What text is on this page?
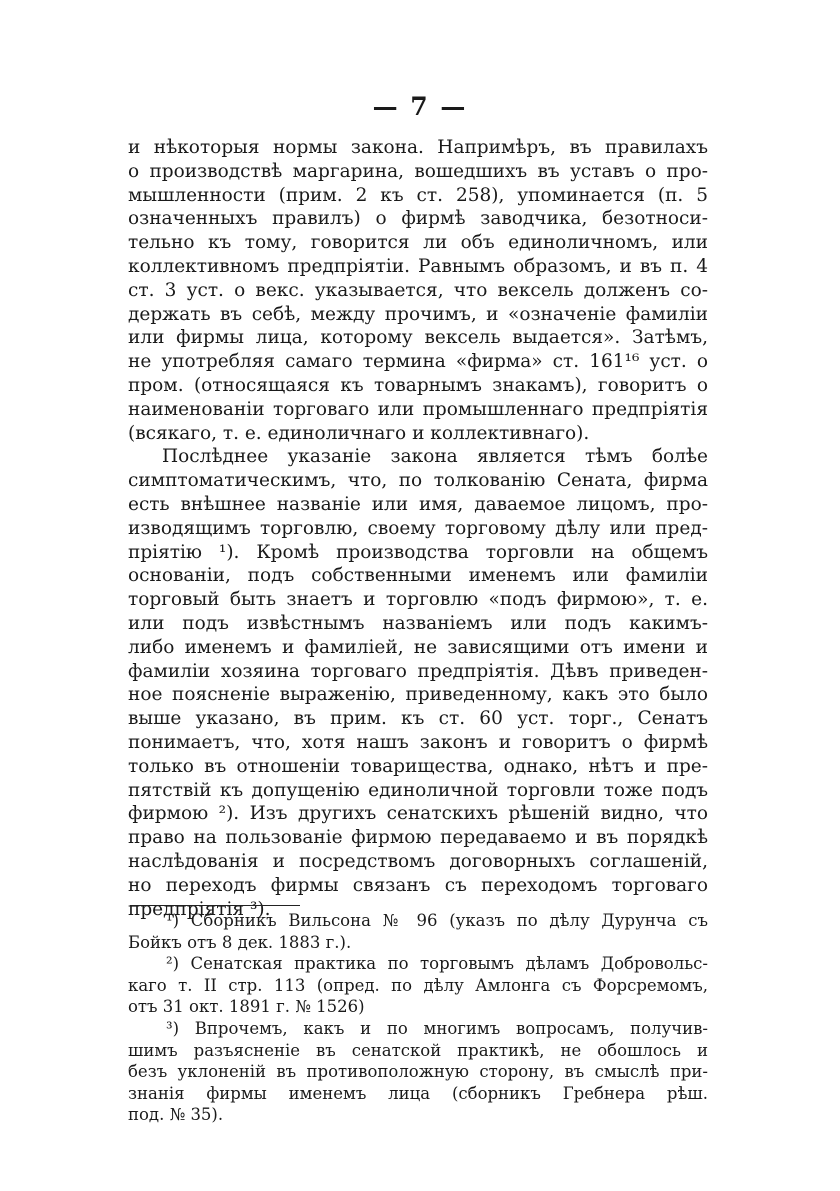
— 7 —
и нѣкоторыя нормы закона. Напримѣръ, въ правилахъ
о производствѣ маргарина, вошедшихъ въ уставъ о про-
мышленности (прим. 2 къ ст. 258), упоминается (п. 5
означенныхъ правилъ) о фирмѣ заводчика, безотноси-
тельно къ тому, говорится ли объ единоличномъ, или
коллективномъ предпріятіи. Равнымъ образомъ, и въ п. 4
ст. 3 уст. о векс. указывается, что вексель долженъ со-
держать въ себѣ, между прочимъ, и «означеніе фамиліи
или фирмы лица, которому вексель выдается». Затѣмъ,
не употребляя самаго термина «фирма» ст. 161¹⁶ уст. о
пром. (относящаяся къ товарнымъ знакамъ), говоритъ о
наименованіи торговаго или промышленнаго предпріятія
(всякаго, т. е. единоличнаго и коллективнаго).
Послѣднее указаніе закона является тѣмъ болѣе
симптоматическимъ, что, по толкованію Сената, фирма
есть внѣшнее названіе или имя, даваемое лицомъ, про-
изводящимъ торговлю, своему торговому дѣлу или пред-
пріятію ¹). Кромѣ производства торговли на общемъ
основаніи, подъ собственными именемъ или фамиліи
торговый быть знаетъ и торговлю «подъ фирмою», т. е.
или подъ извѣстнымъ названіемъ или подъ какимъ-
либо именемъ и фамиліей, не зависящими отъ имени и
фамиліи хозяина торговаго предпріятія. Дѣвъ приведен-
ное поясненіе выраженію, приведенному, какъ это было
выше указано, въ прим. къ ст. 60 уст. торг., Сенатъ
понимаетъ, что, хотя нашъ законъ и говоритъ о фирмѣ
только въ отношеніи товарищества, однако, нѣтъ и пре-
пятствій къ допущенію единоличной торговли тоже подъ
фирмою ²). Изъ другихъ сенатскихъ рѣшеній видно, что
право на пользованіе фирмою передаваемо и въ порядкѣ
наслѣдованія и посредствомъ договорныхъ соглашеній,
но переходъ фирмы связанъ съ переходомъ торговаго
предпріятія ³).
¹) Сборникъ Вильсона № 96 (указъ по дѣлу Дурунча съ
Бойкъ отъ 8 дек. 1883 г.).
²) Сенатская практика по торговымъ дѣламъ Добровольс-
каго т. II стр. 113 (опред. по дѣлу Амлонга съ Форсремомъ,
отъ 31 окт. 1891 г. № 1526)
³) Впрочемъ, какъ и по многимъ вопросамъ, получив-
шимъ разъясненіе въ сенатской практикѣ, не обошлось и
безъ уклоненій въ противоположную сторону, въ смыслѣ при-
знанія фирмы именемъ лица (сборникъ Гребнера рѣш.
под. № 35).
